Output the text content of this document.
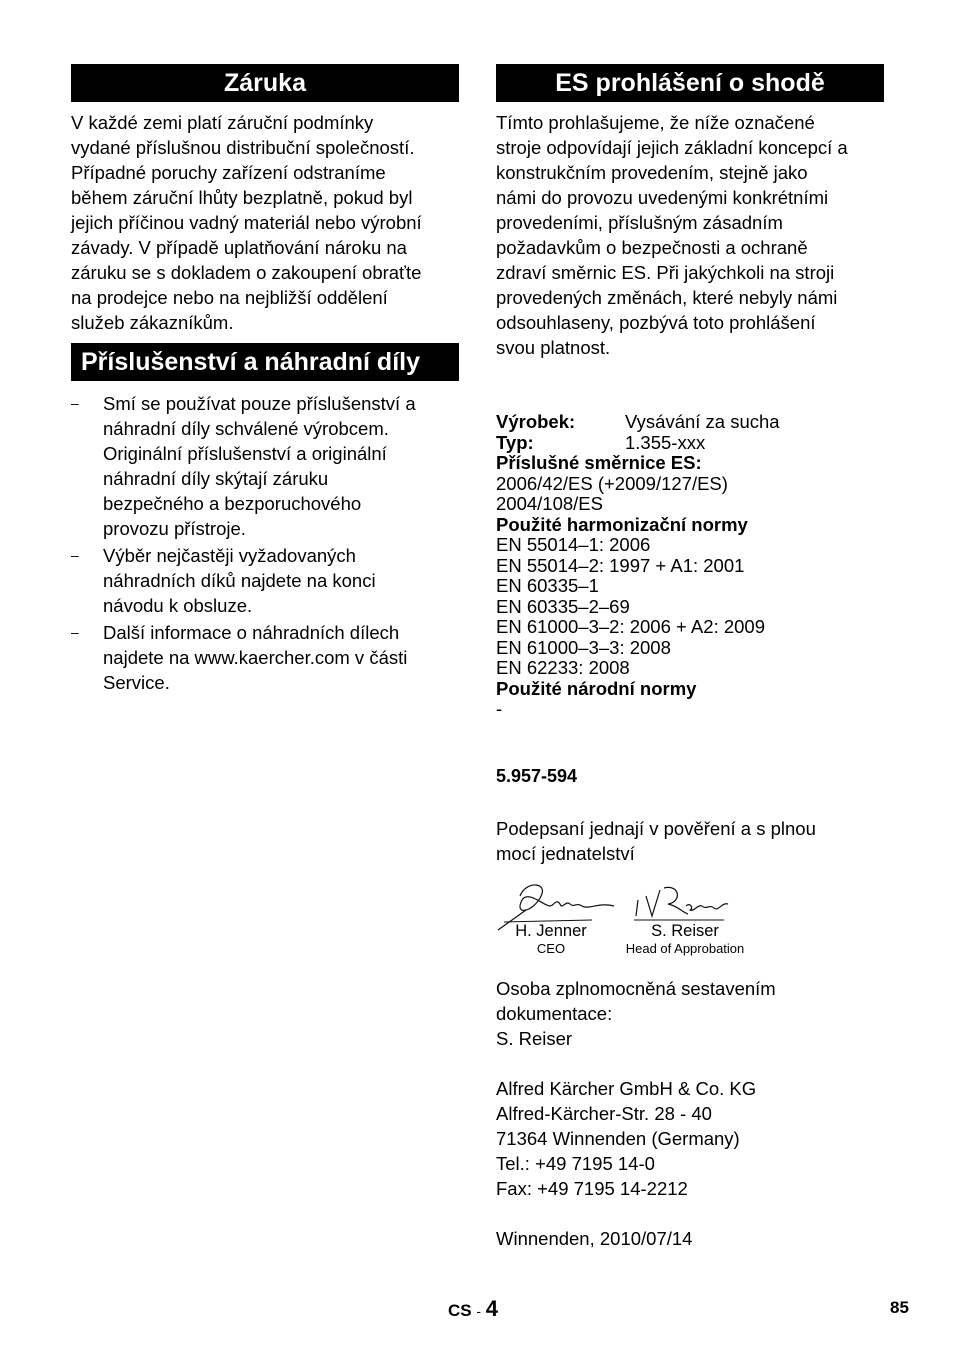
Záruka

V každé zemi platí záruční podmínky

vydané příslušnou distribuční společností.

Případné poruchy zařízení odstraníme

během záruční lhůty bezplatně, pokud byl

jejich příčinou vadný materiál nebo výrobní

závady. V případě uplatňování nároku na

záruku se s dokladem o zakoupení obraťte

na prodejce nebo na nejbližší oddělení

služeb zákazníkům.

Příslušenství a náhradní díly
– Smí se používat pouze příslušenství a
náhradní díly schválené výrobcem.
Originální příslušenství a originální
náhradní díly skýtají záruku
bezpečného a bezporuchového
provozu přístroje.
– Výběr nejčastěji vyžadovaných
náhradních díků najdete na konci
návodu k obsluze.
– Další informace o náhradních dílech
najdete na www.kaercher.com v části
Service.
ES prohlášení o shodě

Tímto prohlašujeme, že níže označené

stroje odpovídají jejich základní koncepcí a

konstrukčním provedením, stejně jako

námi do provozu uvedenými konkrétními

provedeními, příslušným zásadním

požadavkům o bezpečnosti a ochraně

zdraví směrnic ES. Při jakýchkoli na stroji

provedených změnách, které nebyly námi

odsouhlaseny, pozbývá toto prohlášení

svou platnost.

Výrobek:	Vysávání za sucha
Typ:	1.355-xxx
Příslušné směrnice ES:
2006/42/ES (+2009/127/ES)
2004/108/ES
Použité harmonizační normy
EN 55014–1: 2006
EN 55014–2: 1997 + A1: 2001
EN 60335–1
EN 60335–2–69
EN 61000–3–2: 2006 + A2: 2009
EN 61000–3–3: 2008
EN 62233: 2008
Použité národní normy
-
5.957-594

Podepsaní jednají v pověření a s plnou

mocí jednatelství

H. Jenner
CEO
S. Reiser
Head of Approbation

Osoba zplnomocněná sestavením

dokumentace:

S. Reiser

Alfred Kärcher GmbH & Co. KG

Alfred-Kärcher-Str. 28 - 40

71364 Winnenden (Germany)

Tel.: +49 7195 14-0

Fax: +49 7195 14-2212

Winnenden, 2010/07/14

CS - 4	85
